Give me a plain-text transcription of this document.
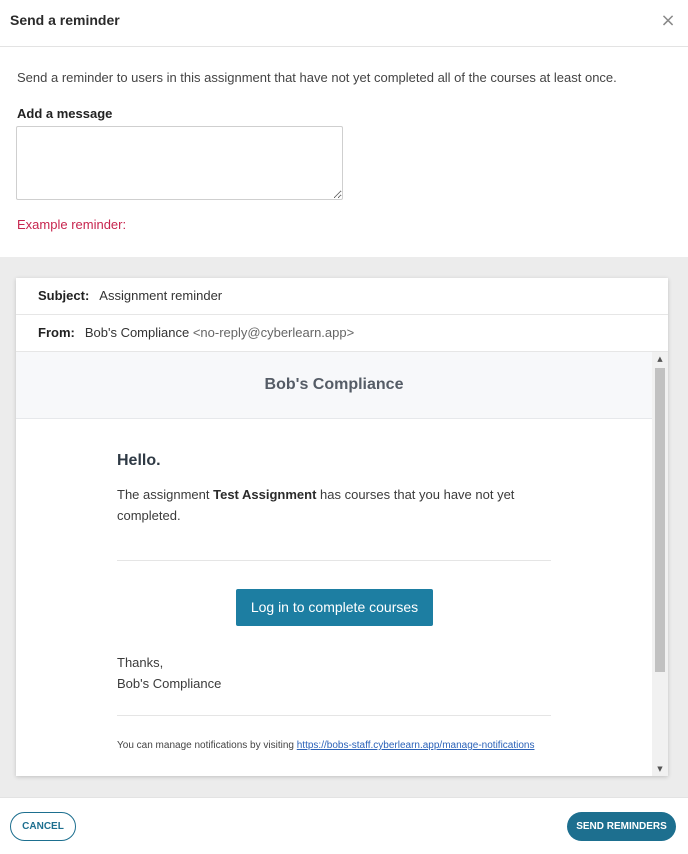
Send a reminder	×
Send a reminder to users in this assignment that have not yet completed all of the courses at least once.
Add a message
Example reminder:
Subject: Assignment reminder
From: Bob's Compliance <no-reply@cyberlearn.app>
Bob's Compliance
Hello.
The assignment Test Assignment has courses that you have not yet completed.
Log in to complete courses
Thanks,
Bob's Compliance
You can manage notifications by visiting https://bobs-staff.cyberlearn.app/manage-notifications
▲
▼
CANCEL	SEND REMINDERS
